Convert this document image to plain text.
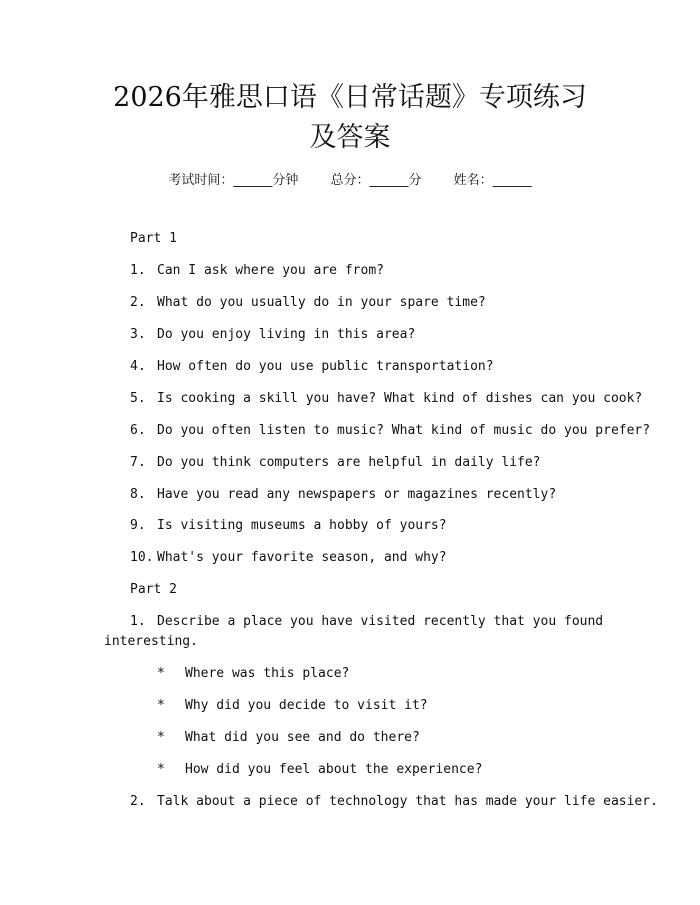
2026年雅思口语《日常话题》专项练习及答案
考试时间：______分钟 总分：______分 姓名：______
Part 1
1. Can I ask where you are from?
2. What do you usually do in your spare time?
3. Do you enjoy living in this area?
4. How often do you use public transportation?
5. Is cooking a skill you have? What kind of dishes can you cook?
6. Do you often listen to music? What kind of music do you prefer?
7. Do you think computers are helpful in daily life?
8. Have you read any newspapers or magazines recently?
9. Is visiting museums a hobby of yours?
10. What's your favorite season, and why?
Part 2
1. Describe a place you have visited recently that you found
interesting.
* Where was this place?
* Why did you decide to visit it?
* What did you see and do there?
* How did you feel about the experience?
2. Talk about a piece of technology that has made your life easier.
